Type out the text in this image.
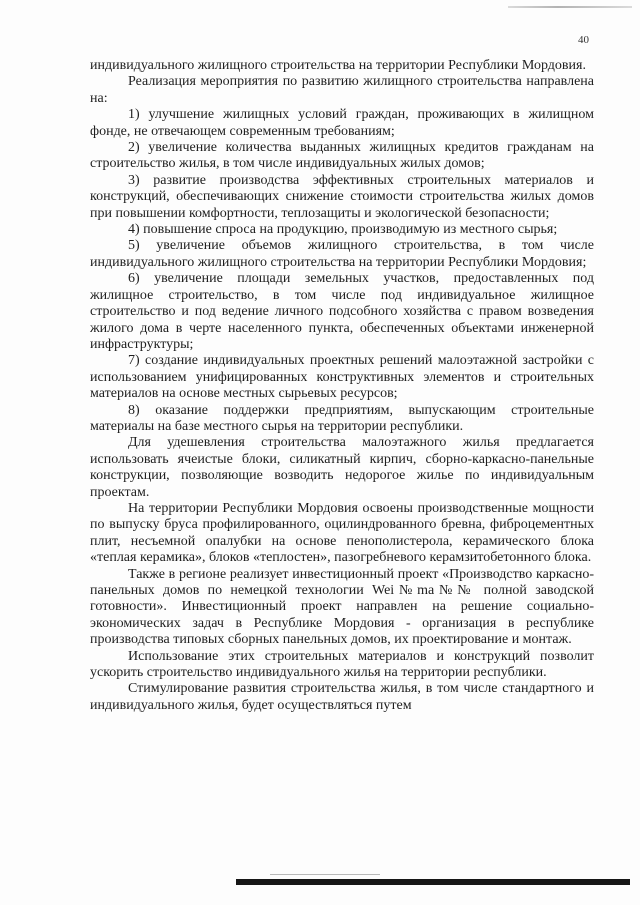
40

индивидуального жилищного строительства на территории Республики Мордовия.

Реализация мероприятия по развитию жилищного строительства направлена на:

1) улучшение жилищных условий граждан, проживающих в жилищном фонде, не отвечающем современным требованиям;

2) увеличение количества выданных жилищных кредитов гражданам на строительство жилья, в том числе индивидуальных жилых домов;

3) развитие производства эффективных строительных материалов и конструкций, обеспечивающих снижение стоимости строительства жилых домов при повышении комфортности, теплозащиты и экологической безопасности;

4) повышение спроса на продукцию, производимую из местного сырья;

5) увеличение объемов жилищного строительства, в том числе индивидуального жилищного строительства на территории Республики Мордовия;

6) увеличение площади земельных участков, предоставленных под жилищное строительство, в том числе под индивидуальное жилищное строительство и под ведение личного подсобного хозяйства с правом возведения жилого дома в черте населенного пункта, обеспеченных объектами инженерной инфраструктуры;

7) создание индивидуальных проектных решений малоэтажной застройки с использованием унифицированных конструктивных элементов и строительных материалов на основе местных сырьевых ресурсов;

8) оказание поддержки предприятиям, выпускающим строительные материалы на базе местного сырья на территории республики.

Для удешевления строительства малоэтажного жилья предлагается использовать ячеистые блоки, силикатный кирпич, сборно-каркасно-панельные конструкции, позволяющие возводить недорогое жилье по индивидуальным проектам.

На территории Республики Мордовия освоены производственные мощности по выпуску бруса профилированного, оцилиндрованного бревна, фиброцементных плит, несъемной опалубки на основе пенополистерола, керамического блока «теплая керамика», блоков «теплостен», пазогребневого керамзитобетонного блока.

Также в регионе реализует инвестиционный проект «Производство каркасно-панельных домов по немецкой технологии Wei№ma№№ полной заводской готовности». Инвестиционный проект направлен на решение социально-экономических задач в Республике Мордовия - организация в республике производства типовых сборных панельных домов, их проектирование и монтаж.

Использование этих строительных материалов и конструкций позволит ускорить строительство индивидуального жилья на территории республики.

Стимулирование развития строительства жилья, в том числе стандартного и индивидуального жилья, будет осуществляться путем
